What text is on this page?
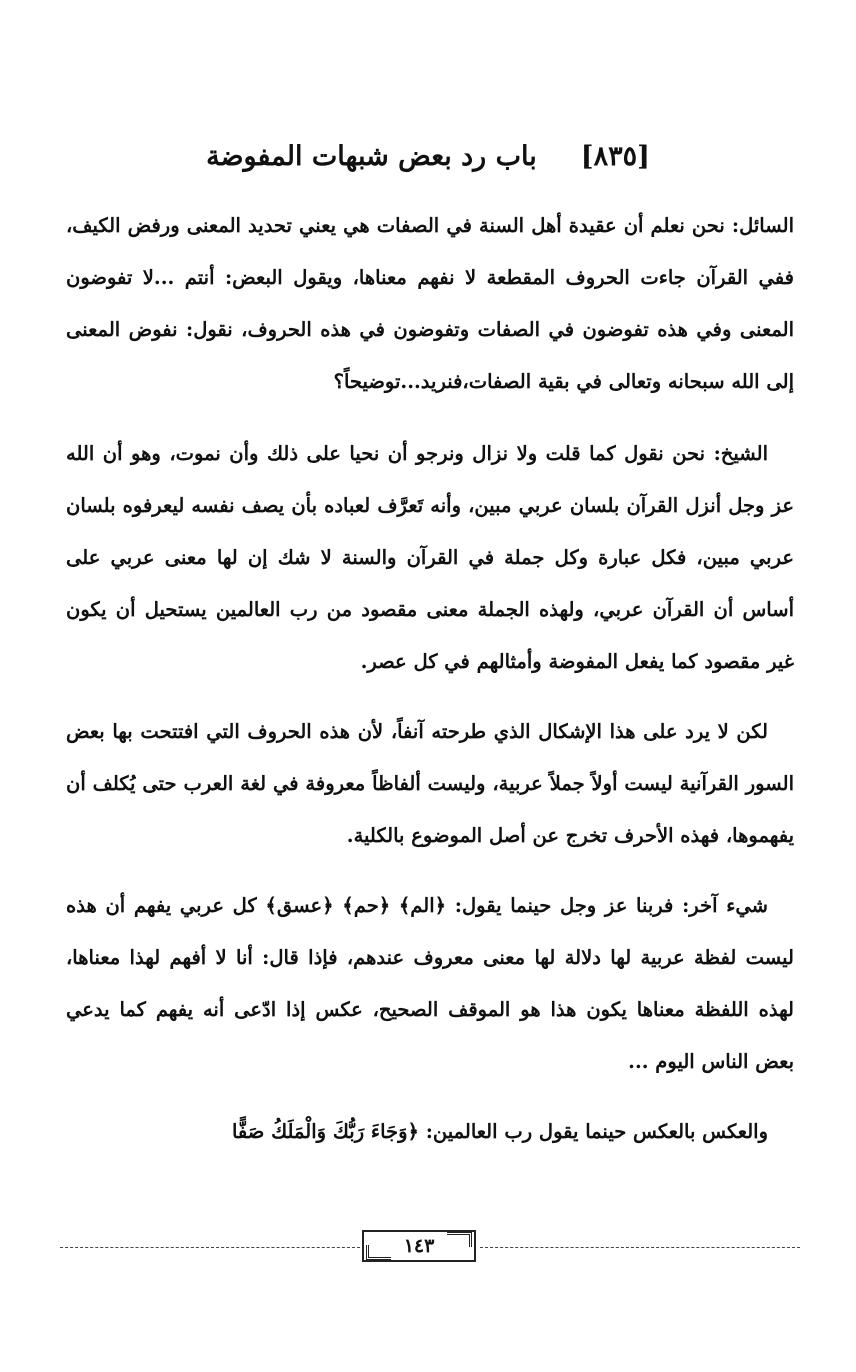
[٨٣٥]باب رد بعض شبهات المفوضة

السائل: نحن نعلم أن عقيدة أهل السنة في الصفات هي يعني تحديد المعنى ورفض الكيف، ففي القرآن جاءت الحروف المقطعة لا نفهم معناها، ويقول البعض: أنتم ...لا تفوضون المعنى وفي هذه تفوضون في الصفات وتفوضون في هذه الحروف، نقول: نفوض المعنى إلى الله سبحانه وتعالى في بقية الصفات،فنريد...توضيحاً؟

الشيخ: نحن نقول كما قلت ولا نزال ونرجو أن نحيا على ذلك وأن نموت، وهو أن الله عز وجل أنزل القرآن بلسان عربي مبين، وأنه تَعرَّف لعباده بأن يصف نفسه ليعرفوه بلسان عربي مبين، فكل عبارة وكل جملة في القرآن والسنة لا شك إن لها معنى عربي على أساس أن القرآن عربي، ولهذه الجملة معنى مقصود من رب العالمين يستحيل أن يكون غير مقصود كما يفعل المفوضة وأمثالهم في كل عصر.

لكن لا يرد على هذا الإشكال الذي طرحته آنفاً، لأن هذه الحروف التي افتتحت بها بعض السور القرآنية ليست أولاً جملاً عربية، وليست ألفاظاً معروفة في لغة العرب حتى يُكلف أن يفهموها، فهذه الأحرف تخرج عن أصل الموضوع بالكلية.

شيء آخر: فربنا عز وجل حينما يقول: ﴿الم﴾ ﴿حم﴾ ﴿عسق﴾ كل عربي يفهم أن هذه ليست لفظة عربية لها دلالة لها معنى معروف عندهم، فإذا قال: أنا لا أفهم لهذا معناها، لهذه اللفظة معناها يكون هذا هو الموقف الصحيح، عكس إذا ادّعى أنه يفهم كما يدعي بعض الناس اليوم ...

والعكس بالعكس حينما يقول رب العالمين: ﴿وَجَاءَ رَبُّكَ وَالْمَلَكُ صَفًّا

١٤٣
